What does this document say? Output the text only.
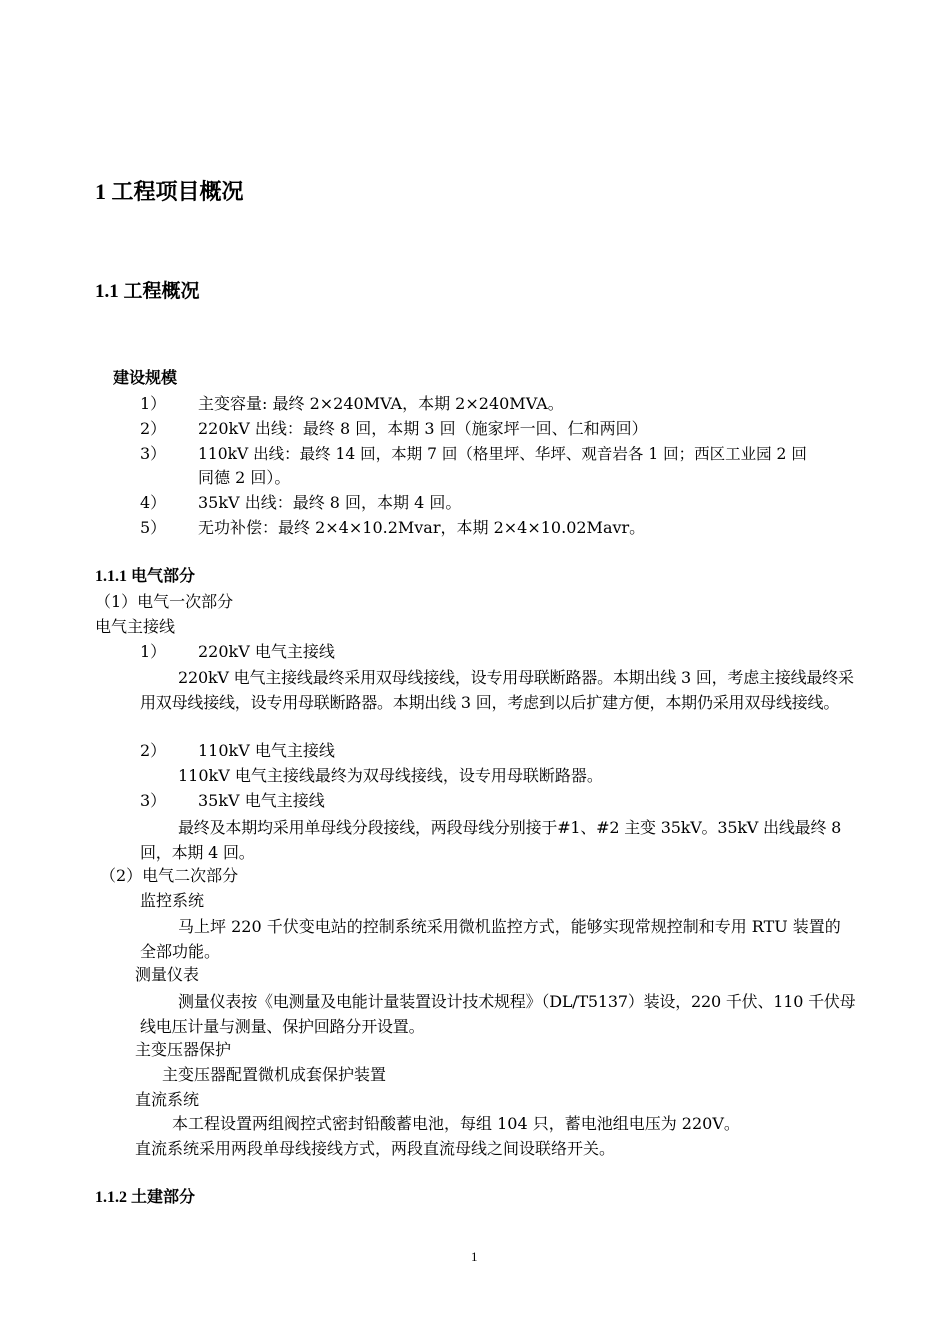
1 工程项目概况
1.1 工程概况
建设规模
1）	主变容量: 最终 2×240MVA，本期 2×240MVA。
2）	220kV 出线：最终 8 回，本期 3 回（施家坪一回、仁和两回）
3）	110kV 出线：最终 14 回，本期 7 回（格里坪、华坪、观音岩各 1 回；西区工业园 2 回
同德 2 回）。
4）	35kV 出线：最终 8 回，本期 4 回。
5）	无功补偿：最终 2×4×10.2Mvar，本期 2×4×10.02Mavr。
1.1.1 电气部分
（1）电气一次部分
电气主接线
1）	220kV 电气主接线
220kV 电气主接线最终采用双母线接线，设专用母联断路器。本期出线 3 回，考虑主接线最终采用双母线接线，设专用母联断路器。本期出线 3 回，考虑到以后扩建方便，本期仍采用双母线接线。
2）	110kV 电气主接线
110kV 电气主接线最终为双母线接线，设专用母联断路器。
3）	35kV 电气主接线
最终及本期均采用单母线分段接线，两段母线分别接于#1、#2 主变 35kV。35kV 出线最终 8 回，本期 4 回。
（2）电气二次部分
监控系统
马上坪 220 千伏变电站的控制系统采用微机监控方式，能够实现常规控制和专用 RTU 装置的全部功能。
测量仪表
测量仪表按《电测量及电能计量装置设计技术规程》（DL/T5137）装设，220 千伏、110 千伏母线电压计量与测量、保护回路分开设置。
主变压器保护
主变压器配置微机成套保护装置
直流系统
本工程设置两组阀控式密封铅酸蓄电池，每组 104 只，蓄电池组电压为 220V。
直流系统采用两段单母线接线方式，两段直流母线之间设联络开关。
1.1.2 土建部分
1
